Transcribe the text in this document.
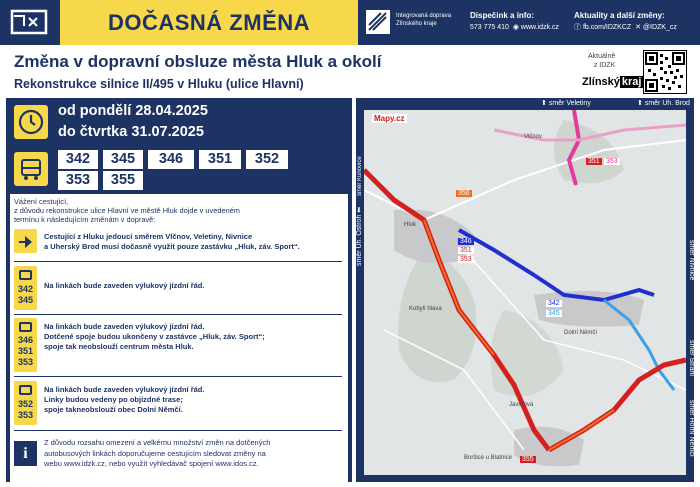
DOČASNÁ ZMĚNA	Integrovaná doprava Zlínského kraje
Dispečink a info:
573 775 410 ◉ www.idzk.cz
Aktuality a další změny:
ⓕ fb.com/IDZKCZ ✕ @IDZK_cz
Změna v dopravní obsluze města Hluk a okolí
Rekonstrukce silnice II/495 v Hluku (ulice Hlavní)
Aktuálně
z IDZK
Zlínský kraj
od pondělí 28.04.2025
do čtvrtka 31.07.2025
342	345	346	351	352
353	355
Vážení cestující,
z důvodu rekonstrukce ulice Hlavní ve městě Hluk dojde v uvedeném
termínu k následujícím změnám v dopravě:
Cestující z Hluku jedoucí směrem Vlčnov, Veletiny, Nivnice
a Uherský Brod musí dočasně využít pouze zastávku „Hluk, záv. Sport“.
342
345
Na linkách bude zaveden výlukový jízdní řád.
346
351
353
Na linkách bude zaveden výlukový jízdní řád.
Dotčené spoje budou ukončeny v zastávce „Hluk, záv. Sport“;
spoje tak neobslouží centrum města Hluk.
352
353
Na linkách bude zaveden výlukový jízdní řád.
Linky budou vedeny po objízdné trase;
spoje takneobslouží obec Dolní Němčí.
i
Z důvodu rozsahu omezení a velkému množství změn na dotčených
autobusových linkách doporučujeme cestujícím sledovat změny na
webu www.idzk.cz, nebo využít vyhledávač spojení www.idos.cz.
Mapy.cz
356
346
351
353
351 353
342
345
355
Hluk
Dolní Němčí
Boršice u Blatnice
Vlčnov
Kobylí hlava
Javorová
⬆ směr Veletiny	⬆ směr Uh. Brod
směr Uh. Ostroh ⬅
směr Kunovice
směr Nivnice
směr Strání
směr Horní Němčí
